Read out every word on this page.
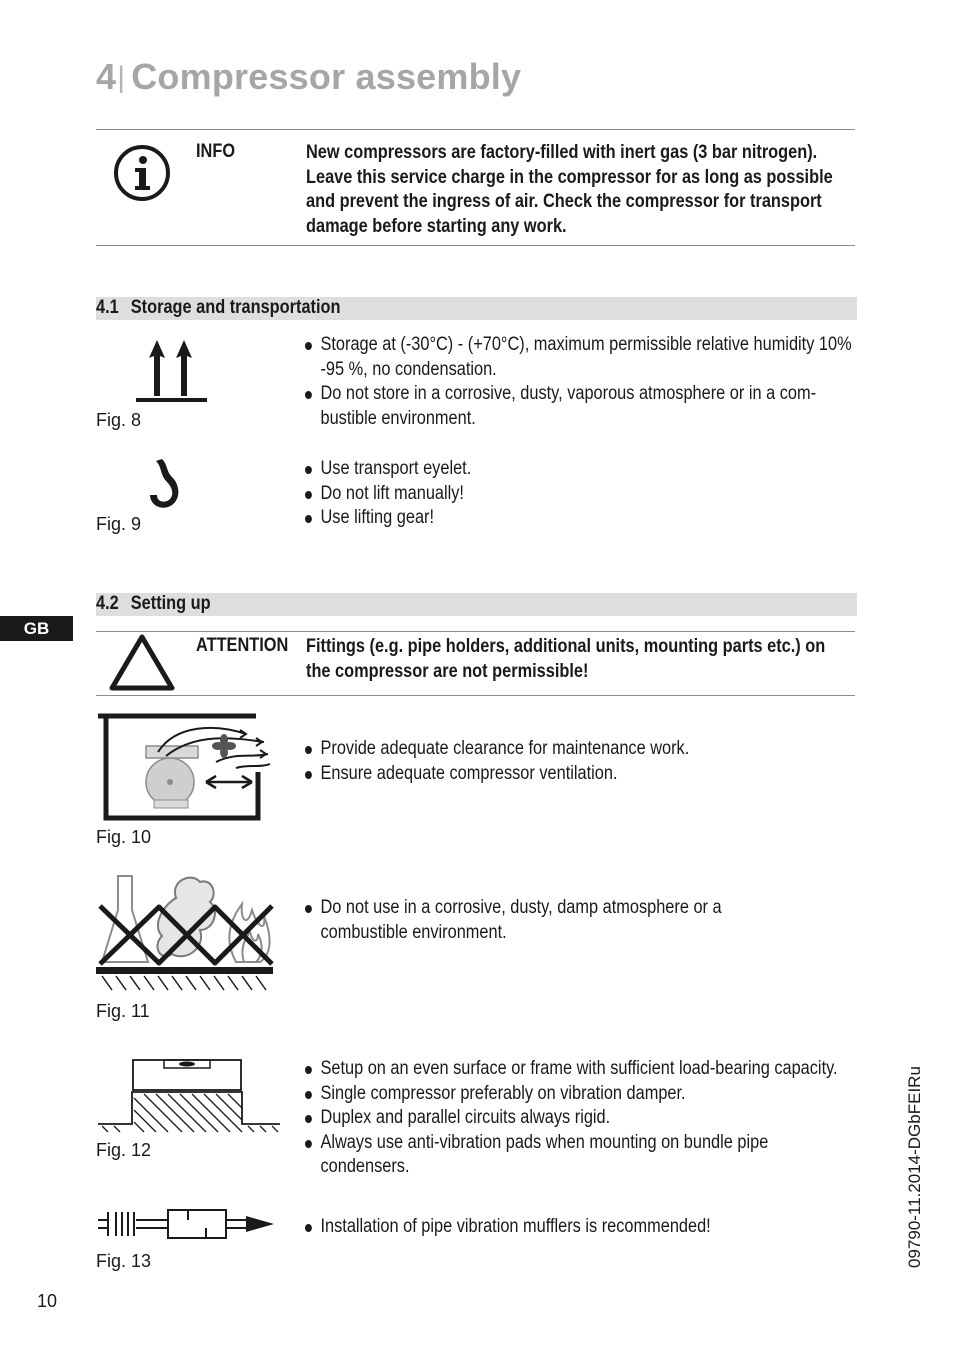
4| Compressor assembly
INFO	New compressors are factory-filled with inert gas (3 bar nitrogen).
Leave this service charge in the compressor for as long as possible
and prevent the ingress of air. Check the compressor for transport
damage before starting any work.
4.1 Storage and transportation
Fig. 8
Storage at (-30°C) - (+70°C), maximum permissible relative humidity 10% -95 %, no condensation.
Do not store in a corrosive, dusty, vaporous atmosphere or in a com-bustible environment.
Fig. 9
Use transport eyelet.
Do not lift manually!
Use lifting gear!
GB
4.2 Setting up
ATTENTION Fittings (e.g. pipe holders, additional units, mounting parts etc.) on
the compressor are not permissible!
Fig. 10
Provide adequate clearance for maintenance work.
Ensure adequate compressor ventilation.
Fig. 11
Do not use in a corrosive, dusty, damp atmosphere or a combustible environment.
Fig. 12
Setup on an even surface or frame with sufficient load-bearing capacity.
Single compressor preferably on vibration damper.
Duplex and parallel circuits always rigid.
Always use anti-vibration pads when mounting on bundle pipe condensers.
Fig. 13
Installation of pipe vibration mufflers is recommended!
10
09790-11.2014-DGbFEIRu
